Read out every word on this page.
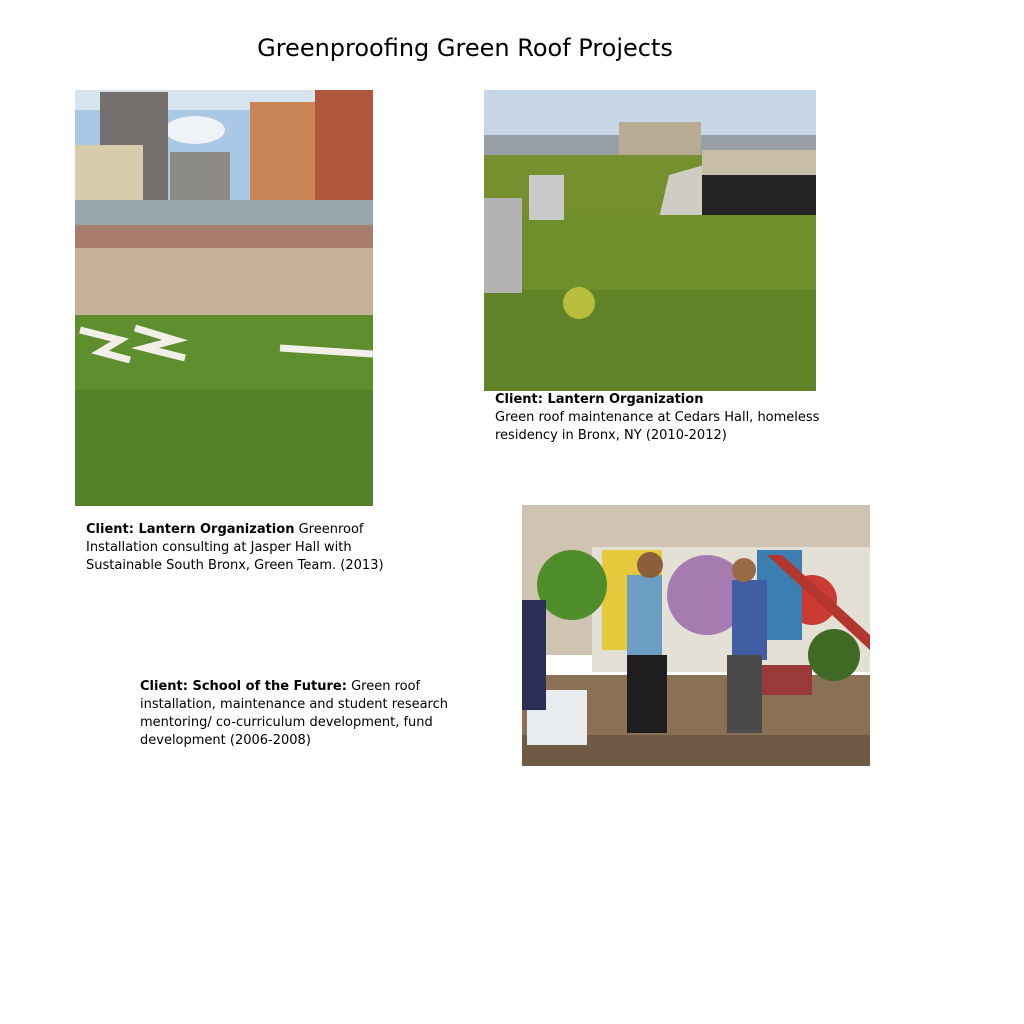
Greenproofing Green Roof Projects
Client: Lantern Organization
Green roof maintenance at Cedars Hall, homeless residency in Bronx, NY (2010-2012)
Client: Lantern Organization Greenroof Installation consulting at Jasper Hall with Sustainable South Bronx, Green Team. (2013)
Client: School of the Future: Green roof installation, maintenance and student research mentoring/ co-curriculum development, fund development (2006-2008)
